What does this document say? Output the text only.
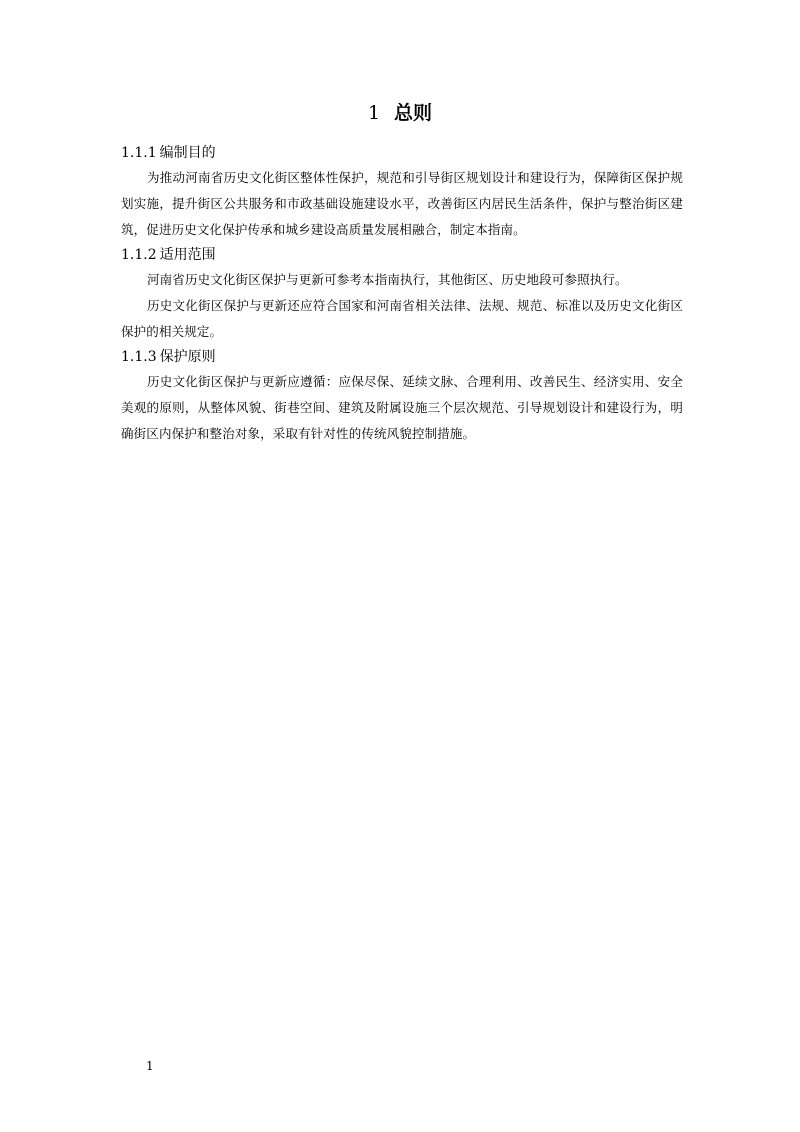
1 总则
1.1.1 编制目的

为推动河南省历史文化街区整体性保护，规范和引导街区规划设计和建设行为，保障街区保护规划实施，提升街区公共服务和市政基础设施建设水平，改善街区内居民生活条件，保护与整治街区建筑，促进历史文化保护传承和城乡建设高质量发展相融合，制定本指南。

1.1.2 适用范围

河南省历史文化街区保护与更新可参考本指南执行，其他街区、历史地段可参照执行。

历史文化街区保护与更新还应符合国家和河南省相关法律、法规、规范、标准以及历史文化街区保护的相关规定。

1.1.3 保护原则

历史文化街区保护与更新应遵循：应保尽保、延续文脉、合理利用、改善民生、经济实用、安全美观的原则，从整体风貌、街巷空间、建筑及附属设施三个层次规范、引导规划设计和建设行为，明确街区内保护和整治对象，采取有针对性的传统风貌控制措施。

1
